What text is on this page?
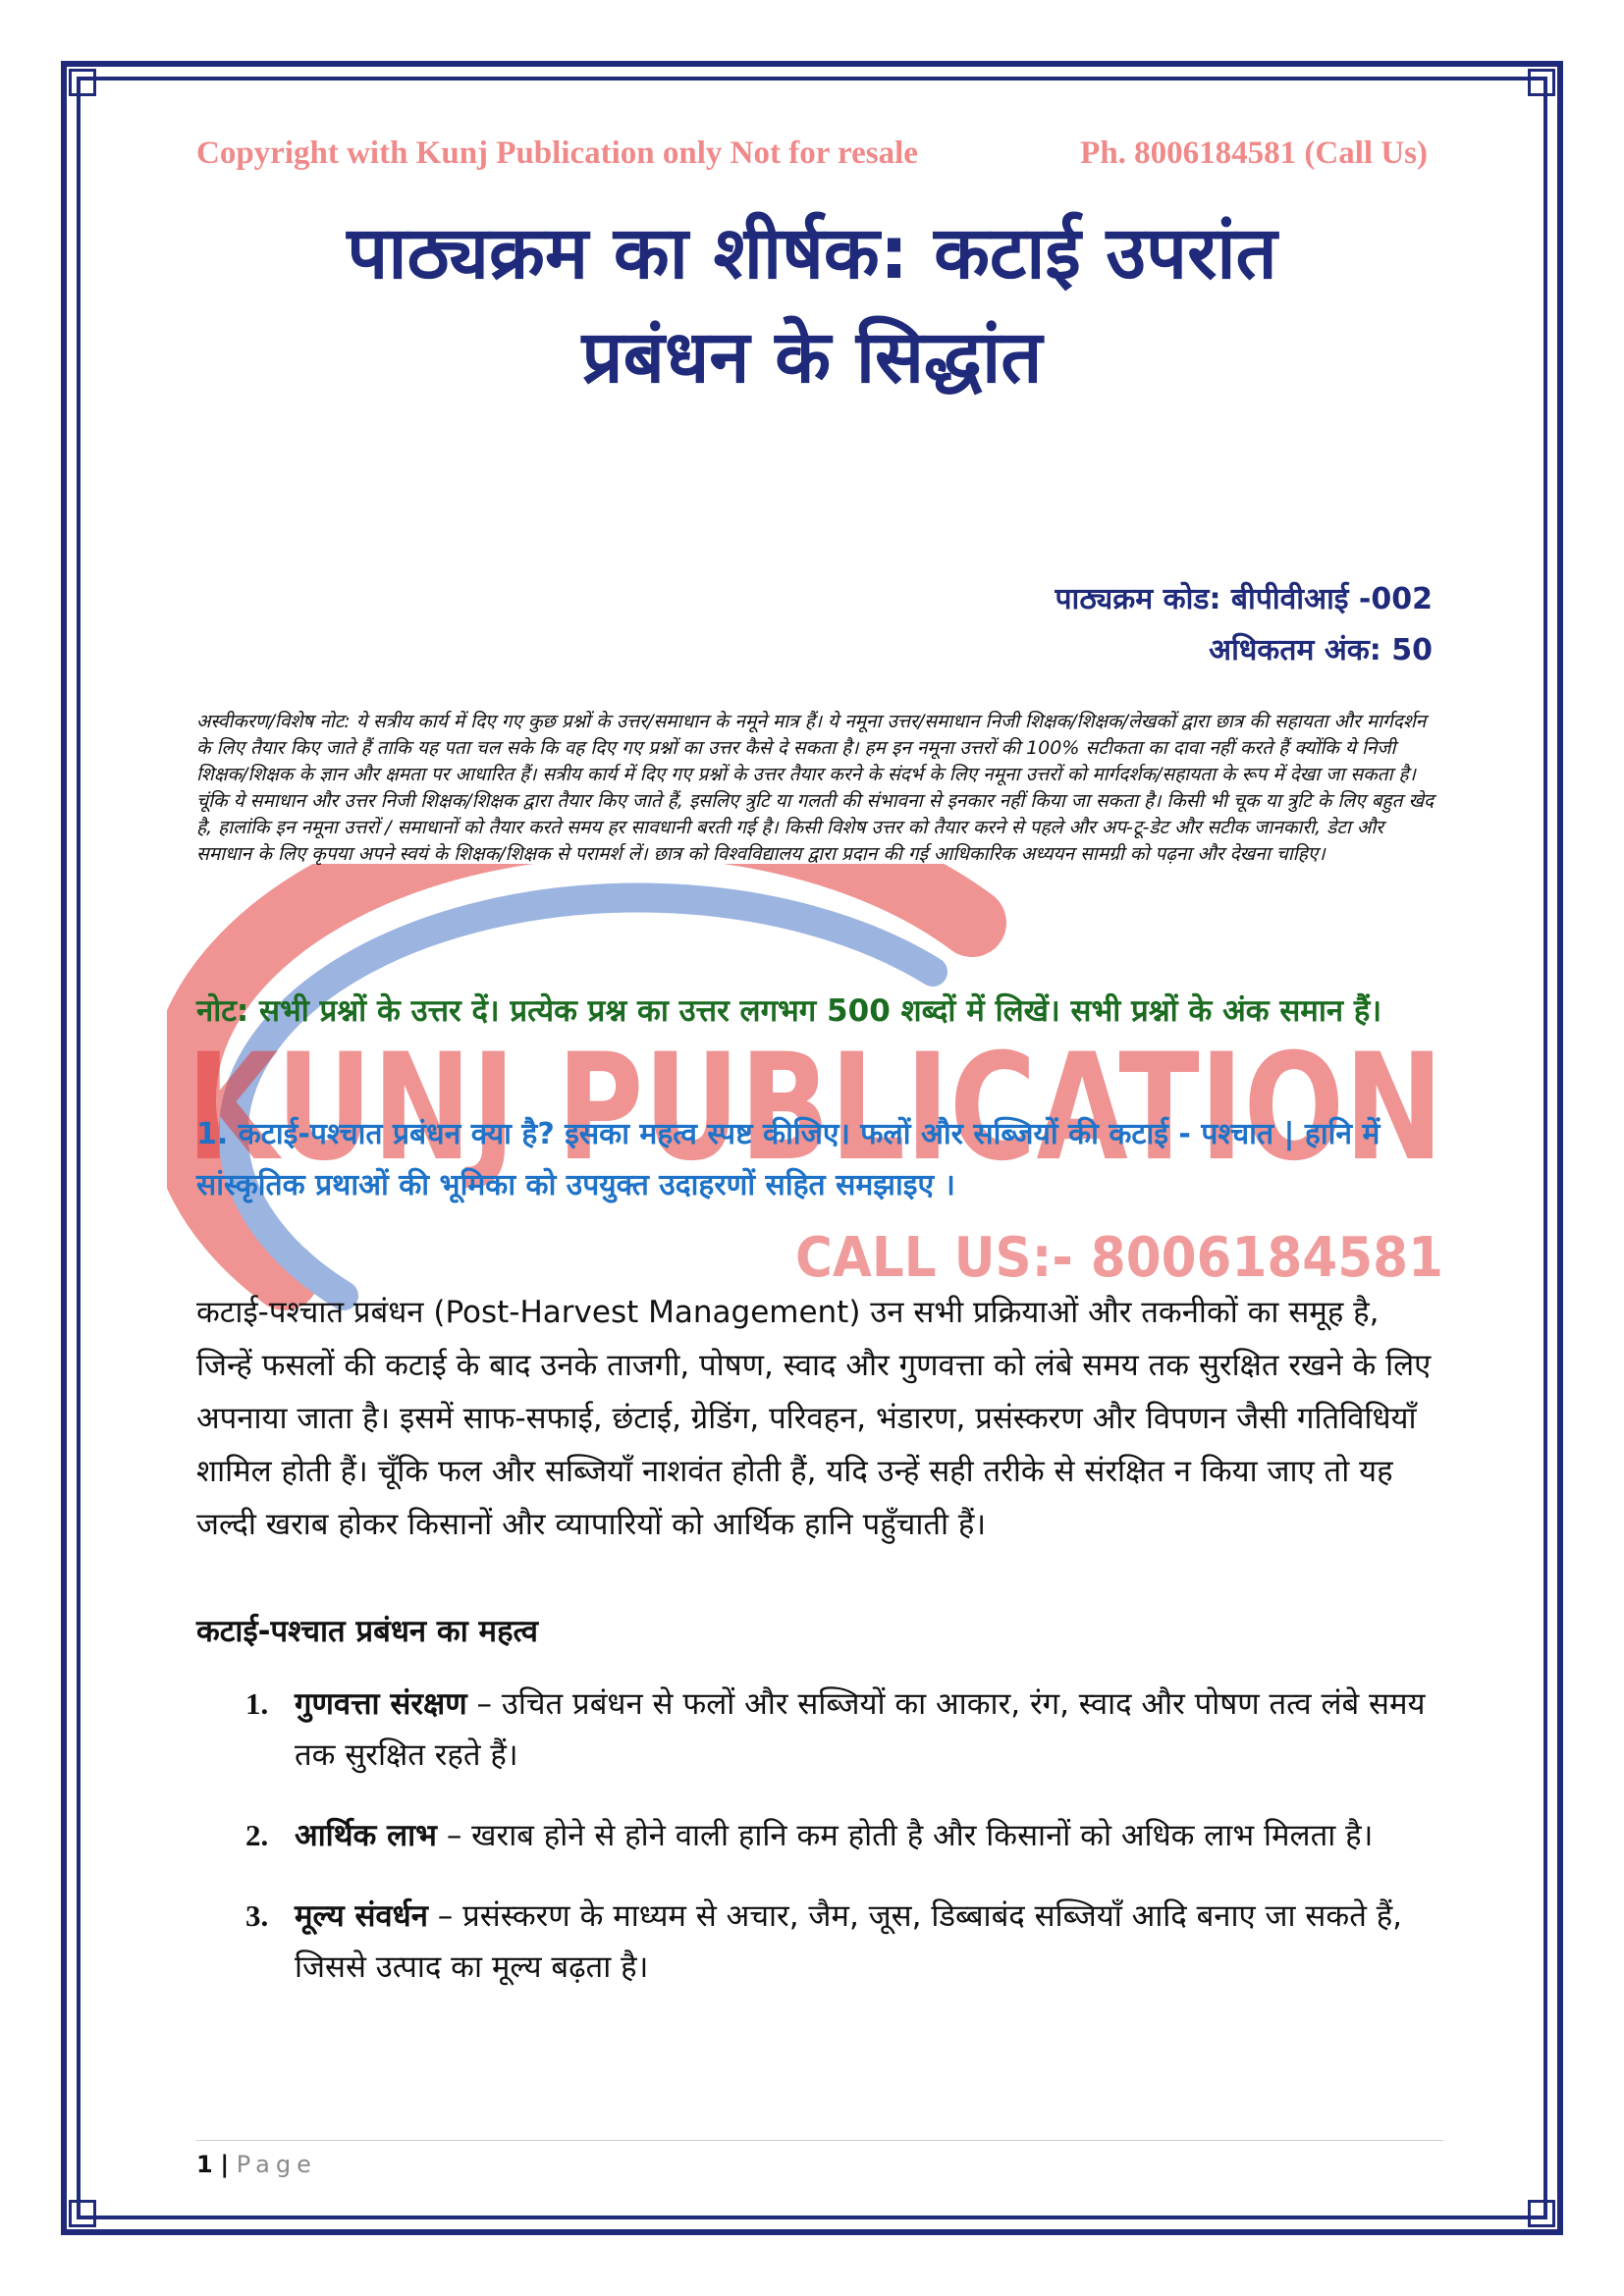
KUNJ PUBLICATION
CALL US:- 8006184581
Copyright with Kunj Publication only Not for resale	Ph. 8006184581 (Call Us)
पाठ्यक्रम का शीर्षक: कटाई उपरांत
प्रबंधन के सिद्धांत
पाठ्यक्रम कोड: बीपीवीआई -002
अधिकतम अंक: 50
अस्वीकरण/विशेष नोट: ये सत्रीय कार्य में दिए गए कुछ प्रश्नों के उत्तर/समाधान के नमूने मात्र हैं। ये नमूना उत्तर/समाधान निजी शिक्षक/शिक्षक/लेखकों द्वारा छात्र की सहायता और मार्गदर्शन के लिए तैयार किए जाते हैं ताकि यह पता चल सके कि वह दिए गए प्रश्नों का उत्तर कैसे दे सकता है। हम इन नमूना उत्तरों की 100% सटीकता का दावा नहीं करते हैं क्योंकि ये निजी शिक्षक/शिक्षक के ज्ञान और क्षमता पर आधारित हैं। सत्रीय कार्य में दिए गए प्रश्नों के उत्तर तैयार करने के संदर्भ के लिए नमूना उत्तरों को मार्गदर्शक/सहायता के रूप में देखा जा सकता है। चूंकि ये समाधान और उत्तर निजी शिक्षक/शिक्षक द्वारा तैयार किए जाते हैं, इसलिए त्रुटि या गलती की संभावना से इनकार नहीं किया जा सकता है। किसी भी चूक या त्रुटि के लिए बहुत खेद है, हालांकि इन नमूना उत्तरों / समाधानों को तैयार करते समय हर सावधानी बरती गई है। किसी विशेष उत्तर को तैयार करने से पहले और अप-टू-डेट और सटीक जानकारी, डेटा और समाधान के लिए कृपया अपने स्वयं के शिक्षक/शिक्षक से परामर्श लें। छात्र को विश्वविद्यालय द्वारा प्रदान की गई आधिकारिक अध्ययन सामग्री को पढ़ना और देखना चाहिए।
नोट: सभी प्रश्नों के उत्तर दें। प्रत्येक प्रश्न का उत्तर लगभग 500 शब्दों में लिखें। सभी प्रश्नों के अंक समान हैं।
1. कटाई-पश्चात प्रबंधन क्या है? इसका महत्व स्पष्ट कीजिए। फलों और सब्जियों की कटाई - पश्चात | हानि में सांस्कृतिक प्रथाओं की भूमिका को उपयुक्त उदाहरणों सहित समझाइए ।
कटाई-पश्चात प्रबंधन (Post-Harvest Management) उन सभी प्रक्रियाओं और तकनीकों का समूह है, जिन्हें फसलों की कटाई के बाद उनके ताजगी, पोषण, स्वाद और गुणवत्ता को लंबे समय तक सुरक्षित रखने के लिए अपनाया जाता है। इसमें साफ-सफाई, छंटाई, ग्रेडिंग, परिवहन, भंडारण, प्रसंस्करण और विपणन जैसी गतिविधियाँ शामिल होती हैं। चूँकि फल और सब्जियाँ नाशवंत होती हैं, यदि उन्हें सही तरीके से संरक्षित न किया जाए तो यह जल्दी खराब होकर किसानों और व्यापारियों को आर्थिक हानि पहुँचाती हैं।
कटाई-पश्चात प्रबंधन का महत्व
1. गुणवत्ता संरक्षण – उचित प्रबंधन से फलों और सब्जियों का आकार, रंग, स्वाद और पोषण तत्व लंबे समय तक सुरक्षित रहते हैं।
2. आर्थिक लाभ – खराब होने से होने वाली हानि कम होती है और किसानों को अधिक लाभ मिलता है।
3. मूल्य संवर्धन – प्रसंस्करण के माध्यम से अचार, जैम, जूस, डिब्बाबंद सब्जियाँ आदि बनाए जा सकते हैं, जिससे उत्पाद का मूल्य बढ़ता है।
1 | Page
